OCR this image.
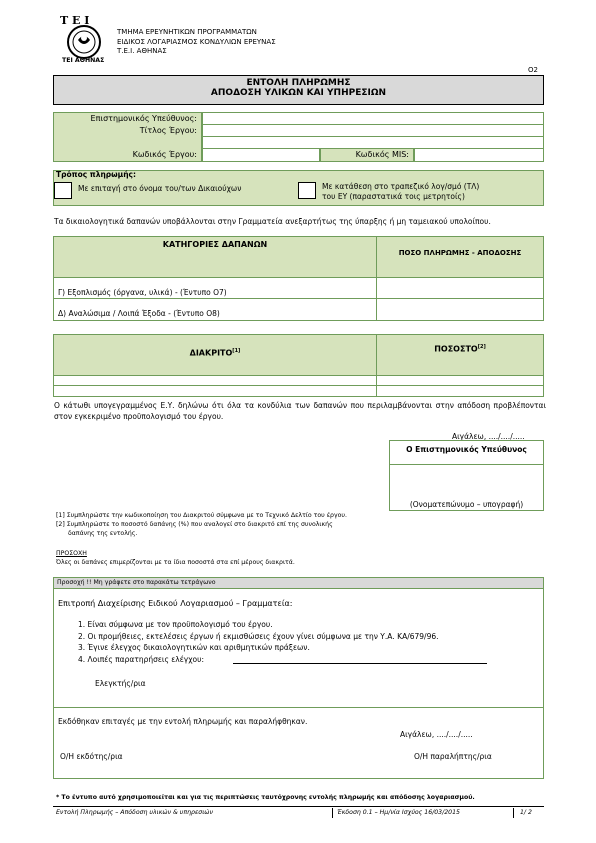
Τ Ε Ι
ΤΕΙ ΑΘΗΝΑΣ
ΤΜΗΜΑ ΕΡΕΥΝΗΤΙΚΩΝ ΠΡΟΓΡΑΜΜΑΤΩΝ
ΕΙΔΙΚΟΣ ΛΟΓΑΡΙΑΣΜΟΣ ΚΟΝΔΥΛΙΩΝ ΕΡΕΥΝΑΣ
Τ.Ε.Ι. ΑΘΗΝΑΣ
Ο2
ΕΝΤΟΛΗ ΠΛΗΡΩΜΗΣ
ΑΠΟΔΟΣΗ ΥΛΙΚΩΝ ΚΑΙ ΥΠΗΡΕΣΙΩΝ
Επιστημονικός Υπεύθυνος:
Τίτλος Έργου:

Κωδικός Έργου:	Κωδικός MIS:
Τρόπος πληρωμής:
Με επιταγή στο όνομα του/των Δικαιούχων	Με κατάθεση στο τραπεζικό λογ/σμό (ΤΛ)
του ΕΥ (παραστατικά τοις μετρητοίς)
Τα δικαιολογητικά δαπανών υποβάλλονται στην Γραμματεία ανεξαρτήτως της ύπαρξης ή μη ταμειακού υπολοίπου.
ΚΑΤΗΓΟΡΙΕΣ ΔΑΠΑΝΩΝ
ΠΟΣΟ ΠΛΗΡΩΜΗΣ - ΑΠΟΔΟΣΗΣ
Γ) Εξοπλισμός (όργανα, υλικά) - (Έντυπο Ο7)
Δ) Αναλώσιμα / Λοιπά Έξοδα - (Έντυπο Ο8)
ΔΙΑΚΡΙΤΟ[1]	ΠΟΣΟΣΤΟ[2]
Ο κάτωθι υπογεγραμμένος Ε.Υ. δηλώνω ότι όλα τα κονδύλια των δαπανών που περιλαμβάνονται στην απόδοση προβλέπονται στον εγκεκριμένο προϋπολογισμό του έργου.
Αιγάλεω, ..../..../.....
Ο Επιστημονικός Υπεύθυνος
(Ονοματεπώνυμο – υπογραφή)
[1] Συμπληρώστε την κωδικοποίηση του Διακριτού σύμφωνα με το Τεχνικό Δελτίο του έργου.
[2] Συμπληρώστε το ποσοστό δαπάνης (%) που αναλογεί στο διακριτό επί της συνολικής
δαπάνης της εντολής.
ΠΡΟΣΟΧΗ
Όλες οι δαπάνες επιμερίζονται με τα ίδια ποσοστά στα επί μέρους διακριτά.
Προσοχή !! Μη γράφετε στο παρακάτω τετράγωνο
Επιτροπή Διαχείρισης Ειδικού Λογαριασμού – Γραμματεία:
1. Είναι σύμφωνα με τον προϋπολογισμό του έργου.
2. Οι προμήθειες, εκτελέσεις έργων ή εκμισθώσεις έχουν γίνει σύμφωνα με την Υ.Α. ΚΑ/679/96.
3. Έγινε έλεγχος δικαιολογητικών και αριθμητικών πράξεων.
4. Λοιπές παρατηρήσεις ελέγχου:
Ελεγκτής/ρια
Εκδόθηκαν επιταγές με την εντολή πληρωμής και παραλήφθηκαν.
Αιγάλεω, ..../..../.....
Ο/Η εκδότης/ρια	Ο/Η παραλήπτης/ρια
* Το έντυπο αυτό χρησιμοποιείται και για τις περιπτώσεις ταυτόχρονης εντολής πληρωμής και απόδοσης λογαριασμού.
Εντολή Πληρωμής – Απόδοση υλικών & υπηρεσιών	Έκδοση 0.1 – Ημ/νία Ισχύος 16/03/2015	1/ 2
